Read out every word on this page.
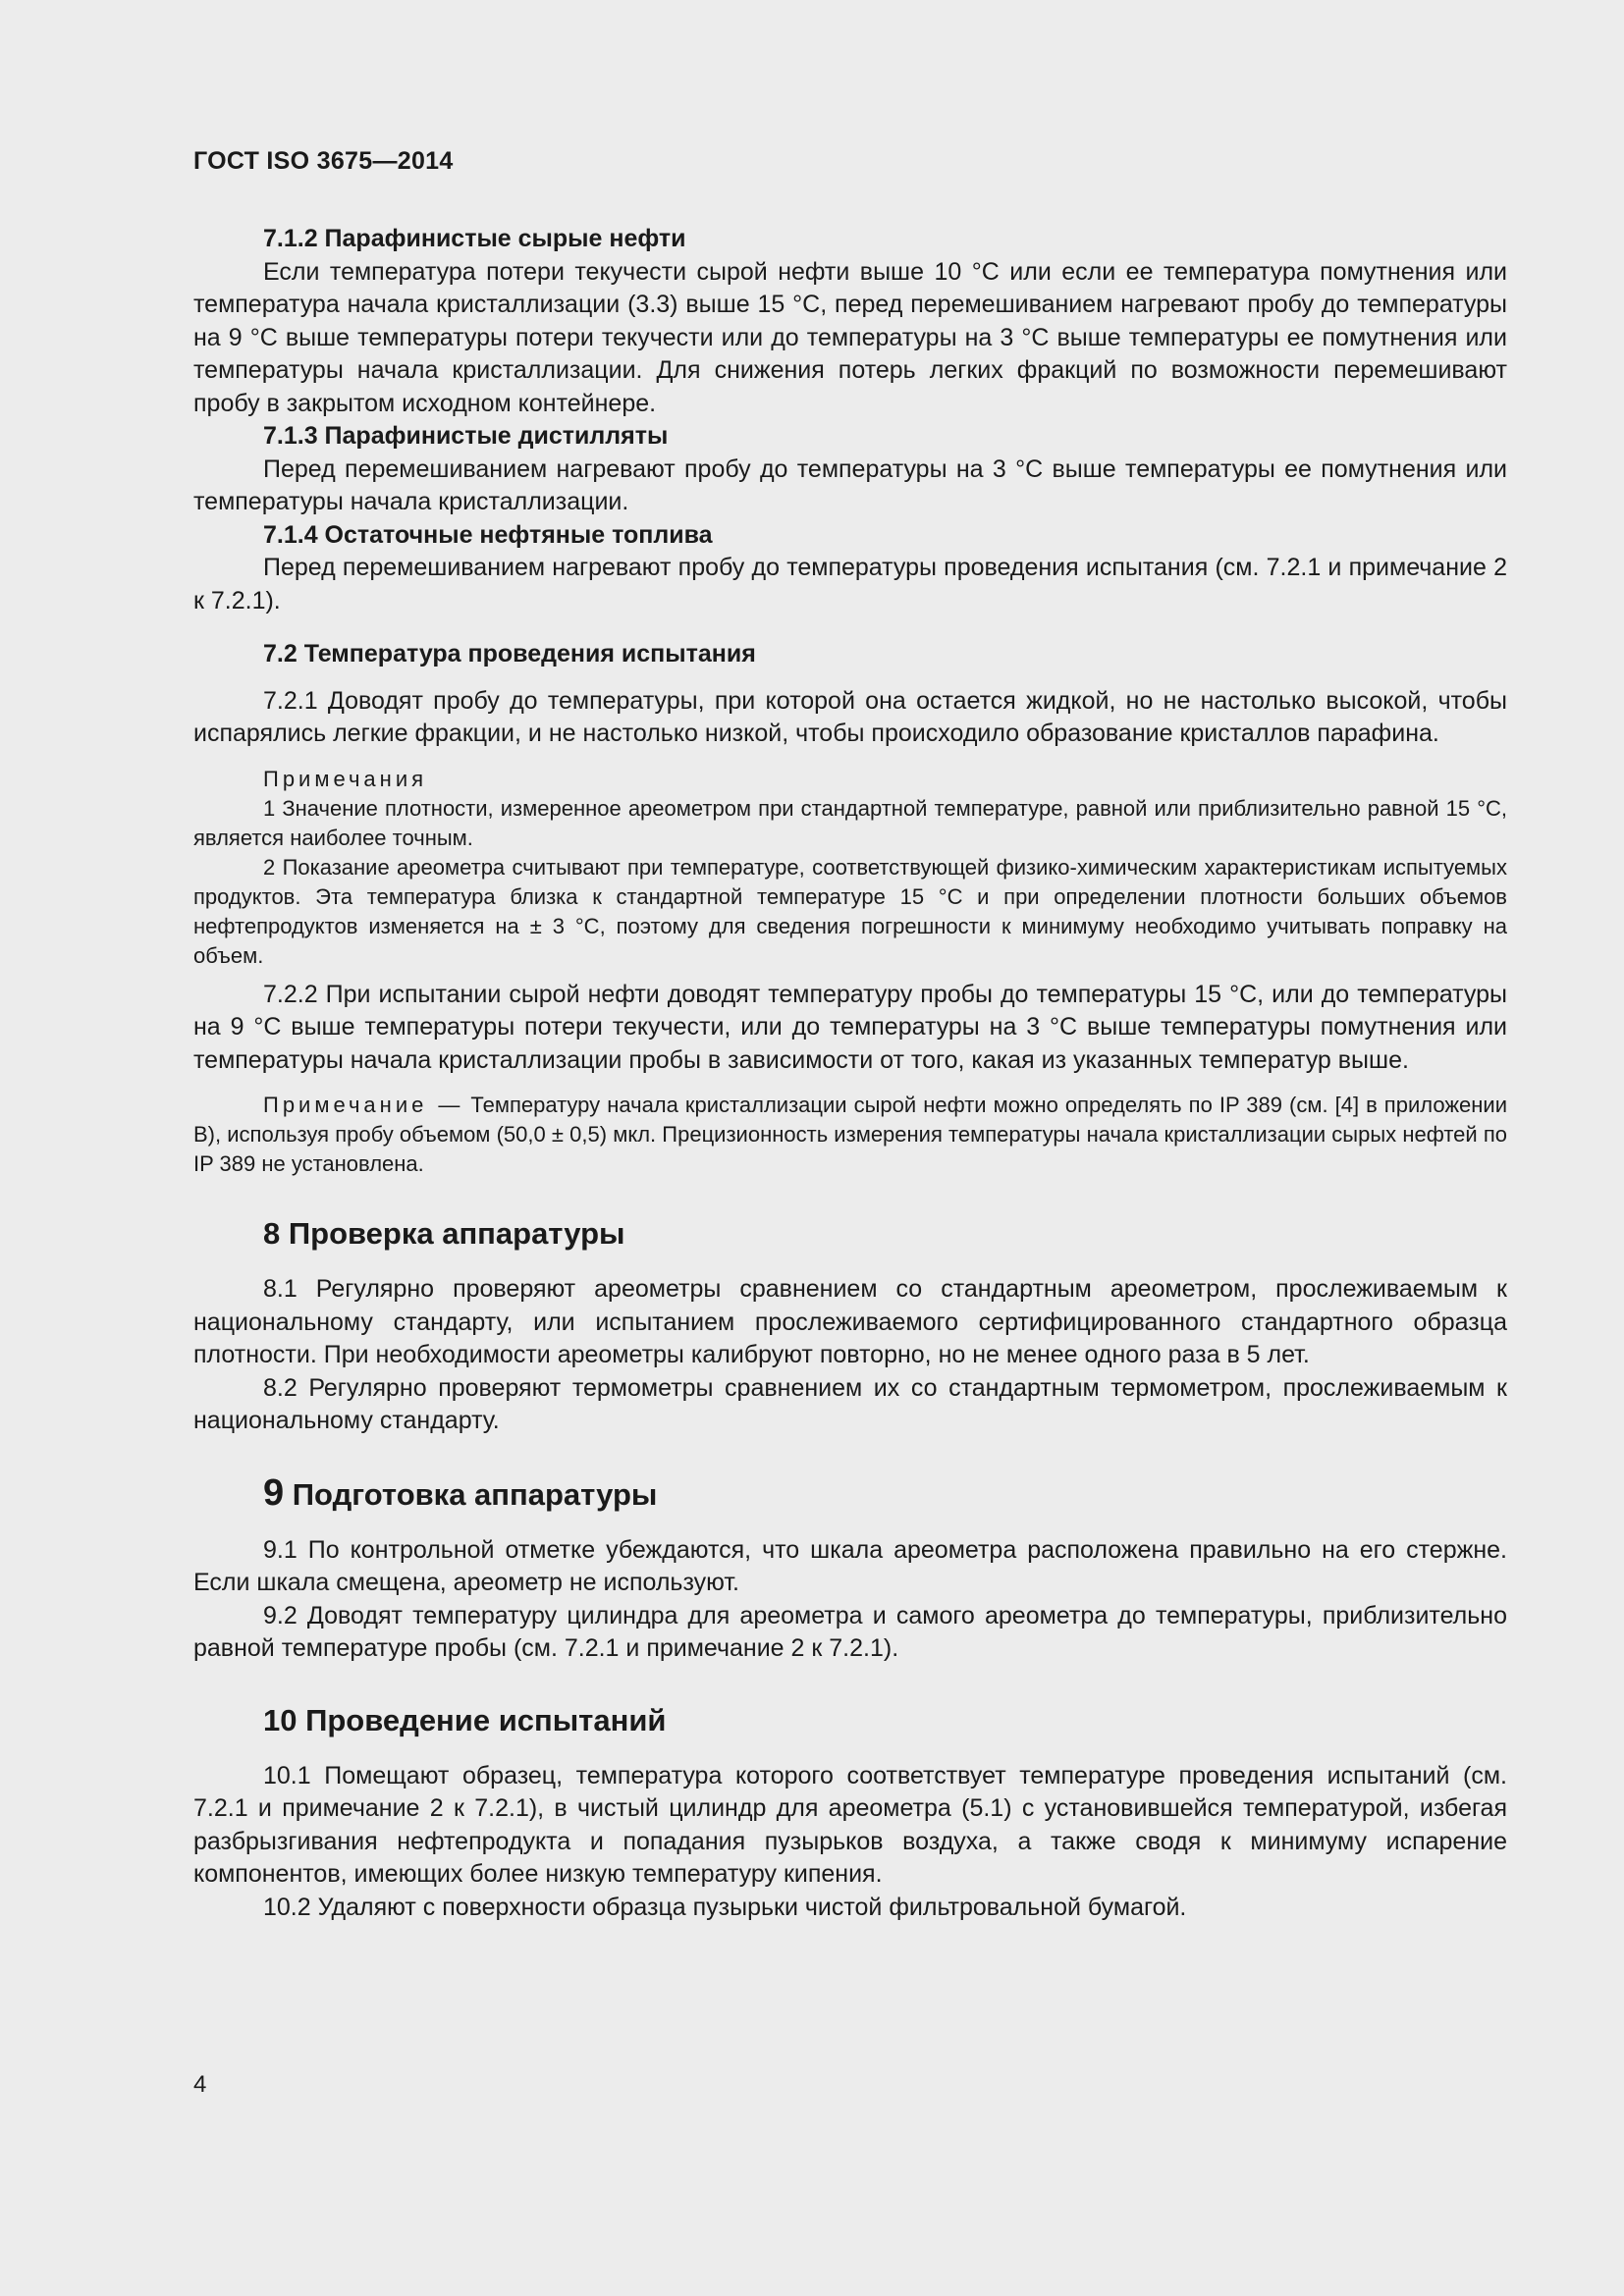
ГОСТ ISO 3675—2014

7.1.2 Парафинистые сырые нефти

Если температура потери текучести сырой нефти выше 10 °С или если ее температура помутнения или температура начала кристаллизации (3.3) выше 15 °С, перед перемешиванием нагревают пробу до температуры на 9 °С выше температуры потери текучести или до температуры на 3 °С выше температуры ее помутнения или температуры начала кристаллизации. Для снижения потерь легких фракций по возможности перемешивают пробу в закрытом исходном контейнере.

7.1.3 Парафинистые дистилляты

Перед перемешиванием нагревают пробу до температуры на 3 °С выше температуры ее помутнения или температуры начала кристаллизации.

7.1.4 Остаточные нефтяные топлива

Перед перемешиванием нагревают пробу до температуры проведения испытания (см. 7.2.1 и примечание 2 к 7.2.1).

7.2 Температура проведения испытания

7.2.1 Доводят пробу до температуры, при которой она остается жидкой, но не настолько высокой, чтобы испарялись легкие фракции, и не настолько низкой, чтобы происходило образование кристаллов парафина.

Примечания

1 Значение плотности, измеренное ареометром при стандартной температуре, равной или приблизительно равной 15 °С, является наиболее точным.

2 Показание ареометра считывают при температуре, соответствующей физико-химическим характеристикам испытуемых продуктов. Эта температура близка к стандартной температуре 15 °С и при определении плотности больших объемов нефтепродуктов изменяется на ± 3 °С, поэтому для сведения погрешности к минимуму необходимо учитывать поправку на объем.

7.2.2 При испытании сырой нефти доводят температуру пробы до температуры 15 °С, или до температуры на 9 °С выше температуры потери текучести, или до температуры на 3 °С выше температуры помутнения или температуры начала кристаллизации пробы в зависимости от того, какая из указанных температур выше.

Примечание — Температуру начала кристаллизации сырой нефти можно определять по IP 389 (см. [4] в приложении В), используя пробу объемом (50,0 ± 0,5) мкл. Прецизионность измерения температуры начала кристаллизации сырых нефтей по IP 389 не установлена.

8 Проверка аппаратуры

8.1 Регулярно проверяют ареометры сравнением со стандартным ареометром, прослеживаемым к национальному стандарту, или испытанием прослеживаемого сертифицированного стандартного образца плотности. При необходимости ареометры калибруют повторно, но не менее одного раза в 5 лет.

8.2 Регулярно проверяют термометры сравнением их со стандартным термометром, прослеживаемым к национальному стандарту.

9 Подготовка аппаратуры

9.1 По контрольной отметке убеждаются, что шкала ареометра расположена правильно на его стержне. Если шкала смещена, ареометр не используют.

9.2 Доводят температуру цилиндра для ареометра и самого ареометра до температуры, приблизительно равной температуре пробы (см. 7.2.1 и примечание 2 к 7.2.1).

10 Проведение испытаний

10.1 Помещают образец, температура которого соответствует температуре проведения испытаний (см. 7.2.1 и примечание 2 к 7.2.1), в чистый цилиндр для ареометра (5.1) с установившейся температурой, избегая разбрызгивания нефтепродукта и попадания пузырьков воздуха, а также сводя к минимуму испарение компонентов, имеющих более низкую температуру кипения.

10.2 Удаляют с поверхности образца пузырьки чистой фильтровальной бумагой.

4
